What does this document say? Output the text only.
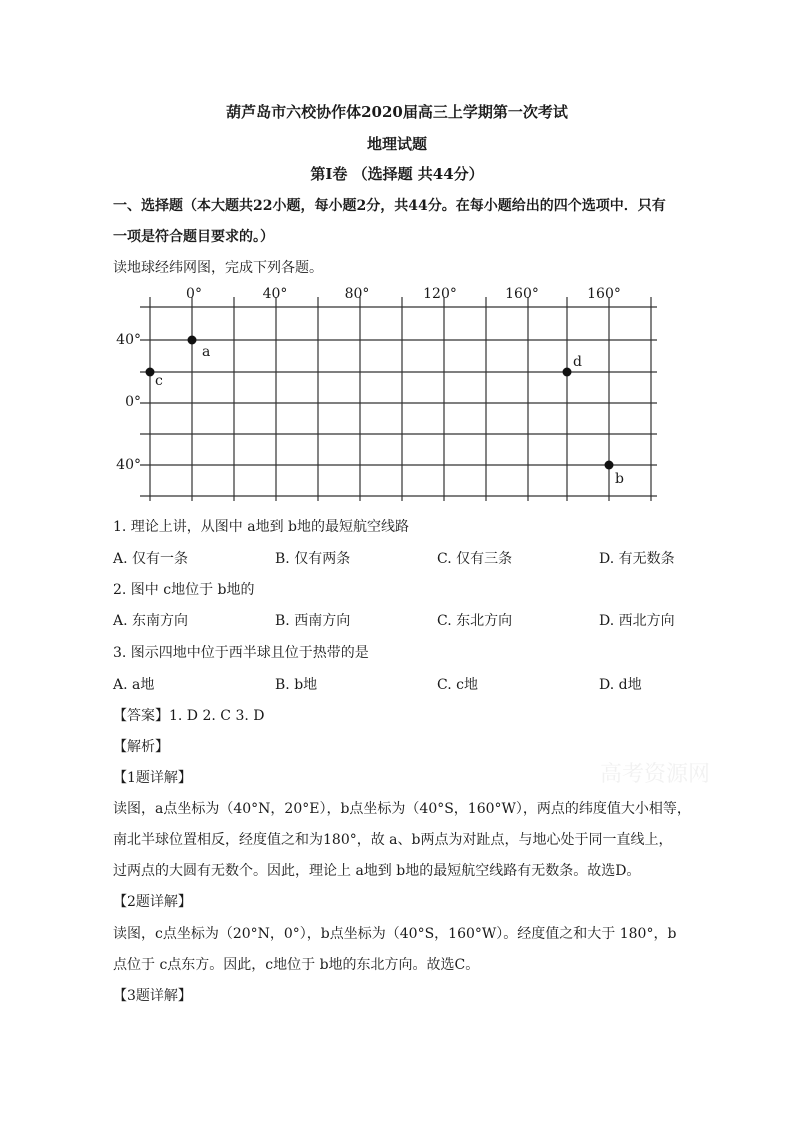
葫芦岛市六校协作体2020届高三上学期第一次考试
地理试题
第Ⅰ卷 （选择题 共44分）
一、选择题（本大题共22小题，每小题2分，共44分。在每小题给出的四个选项中．只有
一项是符合题目要求的。）
读地球经纬网图，完成下列各题。
0°	40°	80°	120°	160°	160°
40°
0°
40°
a
c
d
b
1. 理论上讲，从图中 a地到 b地的最短航空线路
A. 仅有一条	B. 仅有两条	C. 仅有三条	D. 有无数条
2. 图中 c地位于 b地的
A. 东南方向	B. 西南方向	C. 东北方向	D. 西北方向
3. 图示四地中位于西半球且位于热带的是
A. a地	B. b地	C. c地	D. d地
【答案】1. D 2. C 3. D
【解析】
【1题详解】
读图，a点坐标为（40°N，20°E），b点坐标为（40°S，160°W），两点的纬度值大小相等，
南北半球位置相反，经度值之和为180°，故 a、b两点为对趾点，与地心处于同一直线上，
过两点的大圆有无数个。因此，理论上 a地到 b地的最短航空线路有无数条。故选D。
【2题详解】
读图，c点坐标为（20°N，0°），b点坐标为（40°S，160°W）。经度值之和大于 180°，b
点位于 c点东方。因此，c地位于 b地的东北方向。故选C。
【3题详解】
高考资源网
